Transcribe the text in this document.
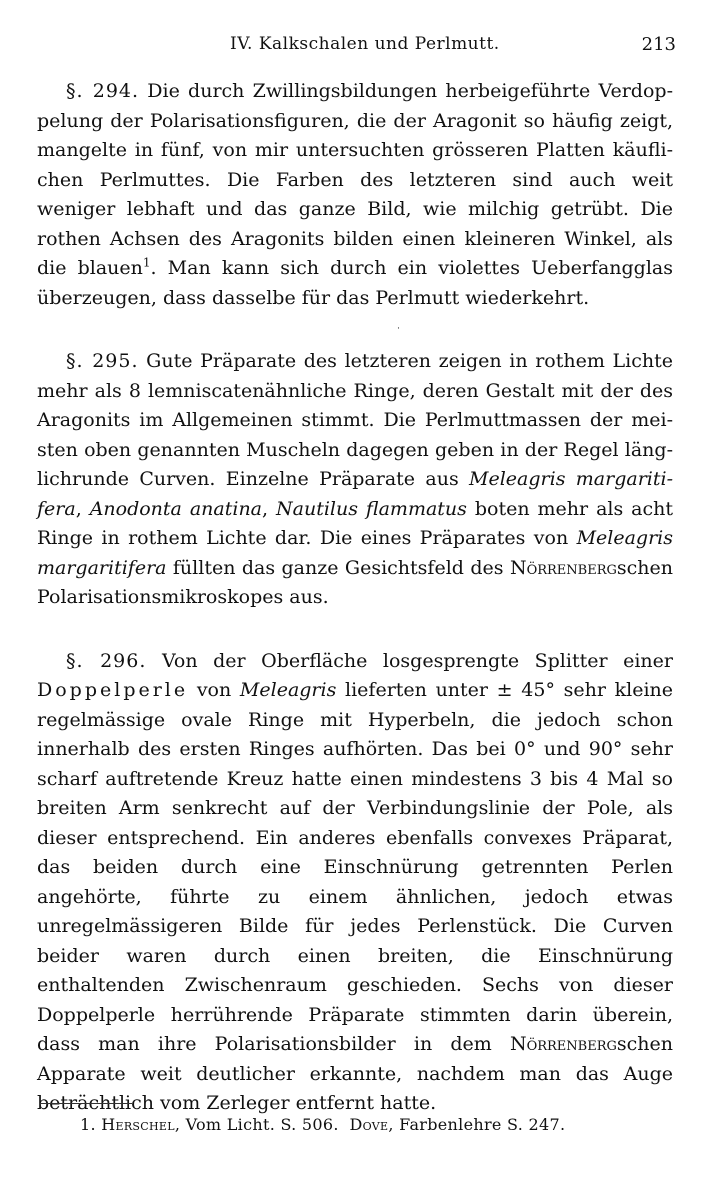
IV. Kalkschalen und Perlmutt.	213

§. 294. Die durch Zwillingsbildungen herbeigeführte Verdoppelung der Polarisationsfiguren, die der Aragonit so häufig zeigt, mangelte in fünf, von mir untersuchten grösseren Platten käuflichen Perlmuttes. Die Farben des letzteren sind auch weit weniger lebhaft und das ganze Bild, wie milchig getrübt. Die rothen Achsen des Aragonits bilden einen kleineren Winkel, als die blauen$^1$. Man kann sich durch ein violettes Ueberfangglas überzeugen, dass dasselbe für das Perlmutt wiederkehrt.

§. 295. Gute Präparate des letzteren zeigen in rothem Lichte mehr als 8 lemniscatenähnliche Ringe, deren Gestalt mit der des Aragonits im Allgemeinen stimmt. Die Perlmuttmassen der meisten oben genannten Muscheln dagegen geben in der Regel länglichrunde Curven. Einzelne Präparate aus Meleagris margaritifera, Anodonta anatina, Nautilus flammatus boten mehr als acht Ringe in rothem Lichte dar. Die eines Präparates von Meleagris margaritifera füllten das ganze Gesichtsfeld des Nörrenbergschen Polarisationsmikroskopes aus.

§. 296. Von der Oberfläche losgesprengte Splitter einer Doppelperle von Meleagris lieferten unter ± 45° sehr kleine regelmässige ovale Ringe mit Hyperbeln, die jedoch schon innerhalb des ersten Ringes aufhörten. Das bei 0° und 90° sehr scharf auftretende Kreuz hatte einen mindestens 3 bis 4 Mal so breiten Arm senkrecht auf der Verbindungslinie der Pole, als dieser entsprechend. Ein anderes ebenfalls convexes Präparat, das beiden durch eine Einschnürung getrennten Perlen angehörte, führte zu einem ähnlichen, jedoch etwas unregelmässigeren Bilde für jedes Perlenstück. Die Curven beider waren durch einen breiten, die Einschnürung enthaltenden Zwischenraum geschieden. Sechs von dieser Doppelperle herrührende Präparate stimmten darin überein, dass man ihre Polarisationsbilder in dem Nörrenbergschen Apparate weit deutlicher erkannte, nachdem man das Auge beträchtlich vom Zerleger entfernt hatte.

˙
1. Herschel, Vom Licht. S. 506. Dove, Farbenlehre S. 247.
